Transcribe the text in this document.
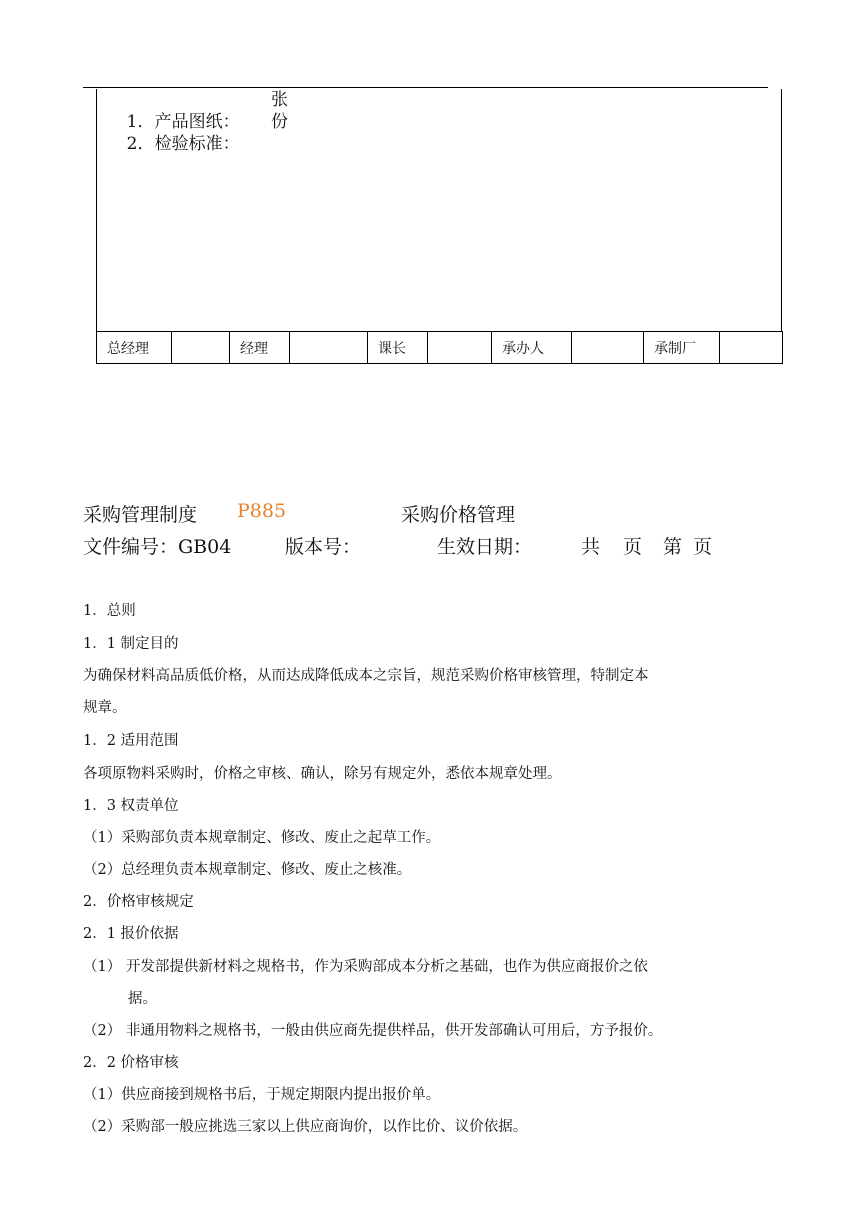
1．产品图纸：
张

2．检验标准：
份

总经理		经理		课长		承办人		承制厂	
采购管理制度 P885	采购价格管理
文件编号：GB04	版本号：	生效日期：	共 页 第 页
1．总则
1．1 制定目的
为确保材料高品质低价格，从而达成降低成本之宗旨，规范采购价格审核管理，特制定本
规章。
1．2 适用范围
各项原物料采购时，价格之审核、确认，除另有规定外，悉依本规章处理。
1．3 权责单位
（1）采购部负责本规章制定、修改、废止之起草工作。
（2）总经理负责本规章制定、修改、废止之核准。
2．价格审核规定
2．1 报价依据
（1） 开发部提供新材料之规格书，作为采购部成本分析之基础，也作为供应商报价之依
据。
（2） 非通用物料之规格书，一般由供应商先提供样品，供开发部确认可用后，方予报价。
2．2 价格审核
（1）供应商接到规格书后，于规定期限内提出报价单。
（2）采购部一般应挑选三家以上供应商询价，以作比价、议价依据。
